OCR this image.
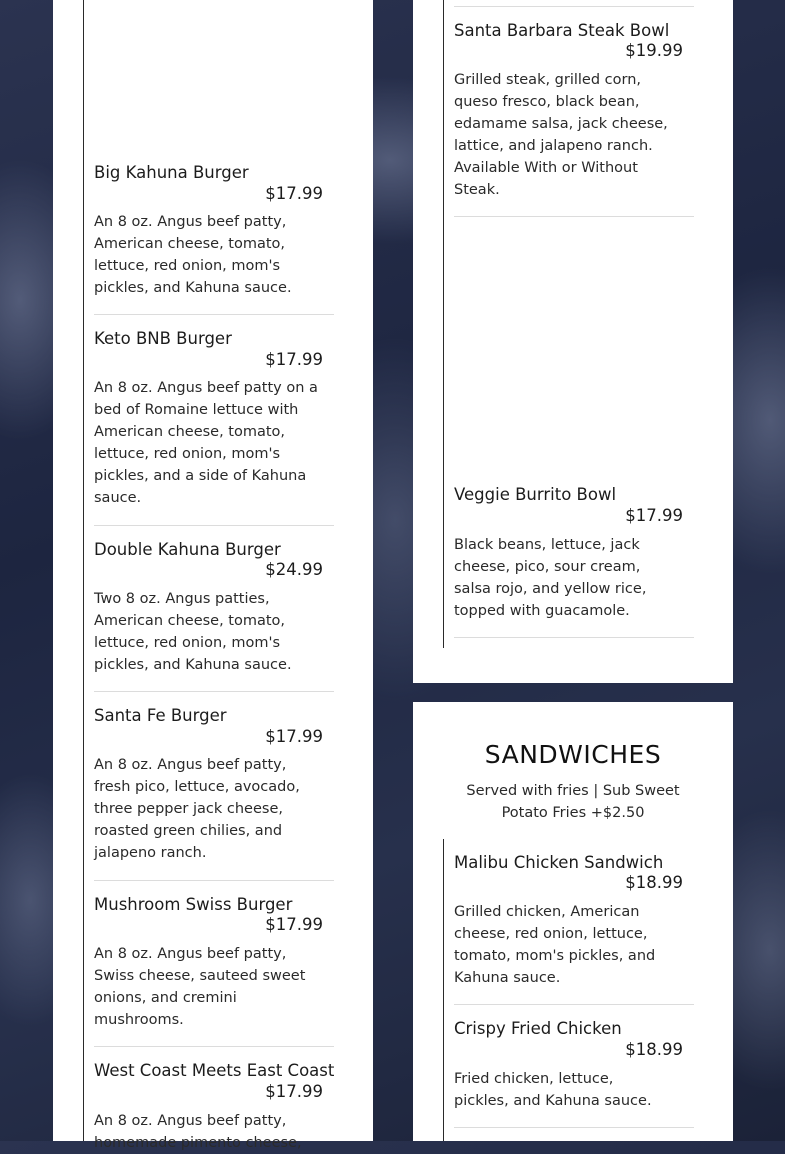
Big Kahuna Burger
$17.99
An 8 oz. Angus beef patty, American cheese, tomato, lettuce, red onion, mom's pickles, and Kahuna sauce.
Keto BNB Burger
$17.99
An 8 oz. Angus beef patty on a bed of Romaine lettuce with American cheese, tomato, lettuce, red onion, mom's pickles, and a side of Kahuna sauce.
Double Kahuna Burger
$24.99
Two 8 oz. Angus patties, American cheese, tomato, lettuce, red onion, mom's pickles, and Kahuna sauce.
Santa Fe Burger
$17.99
An 8 oz. Angus beef patty, fresh pico, lettuce, avocado, three pepper jack cheese, roasted green chilies, and jalapeno ranch.
Mushroom Swiss Burger
$17.99
An 8 oz. Angus beef patty, Swiss cheese, sauteed sweet onions, and cremini mushrooms.
West Coast Meets East Coast
$17.99
An 8 oz. Angus beef patty, homemade pimento cheese,
Santa Barbara Steak Bowl
$19.99
Grilled steak, grilled corn, queso fresco, black bean, edamame salsa, jack cheese, lattice, and jalapeno ranch. Available With or Without Steak.
Veggie Burrito Bowl
$17.99
Black beans, lettuce, jack cheese, pico, sour cream, salsa rojo, and yellow rice, topped with guacamole.
SANDWICHES
Served with fries | Sub Sweet Potato Fries +$2.50
Malibu Chicken Sandwich
$18.99
Grilled chicken, American cheese, red onion, lettuce, tomato, mom's pickles, and Kahuna sauce.
Crispy Fried Chicken
$18.99
Fried chicken, lettuce, pickles, and Kahuna sauce.
